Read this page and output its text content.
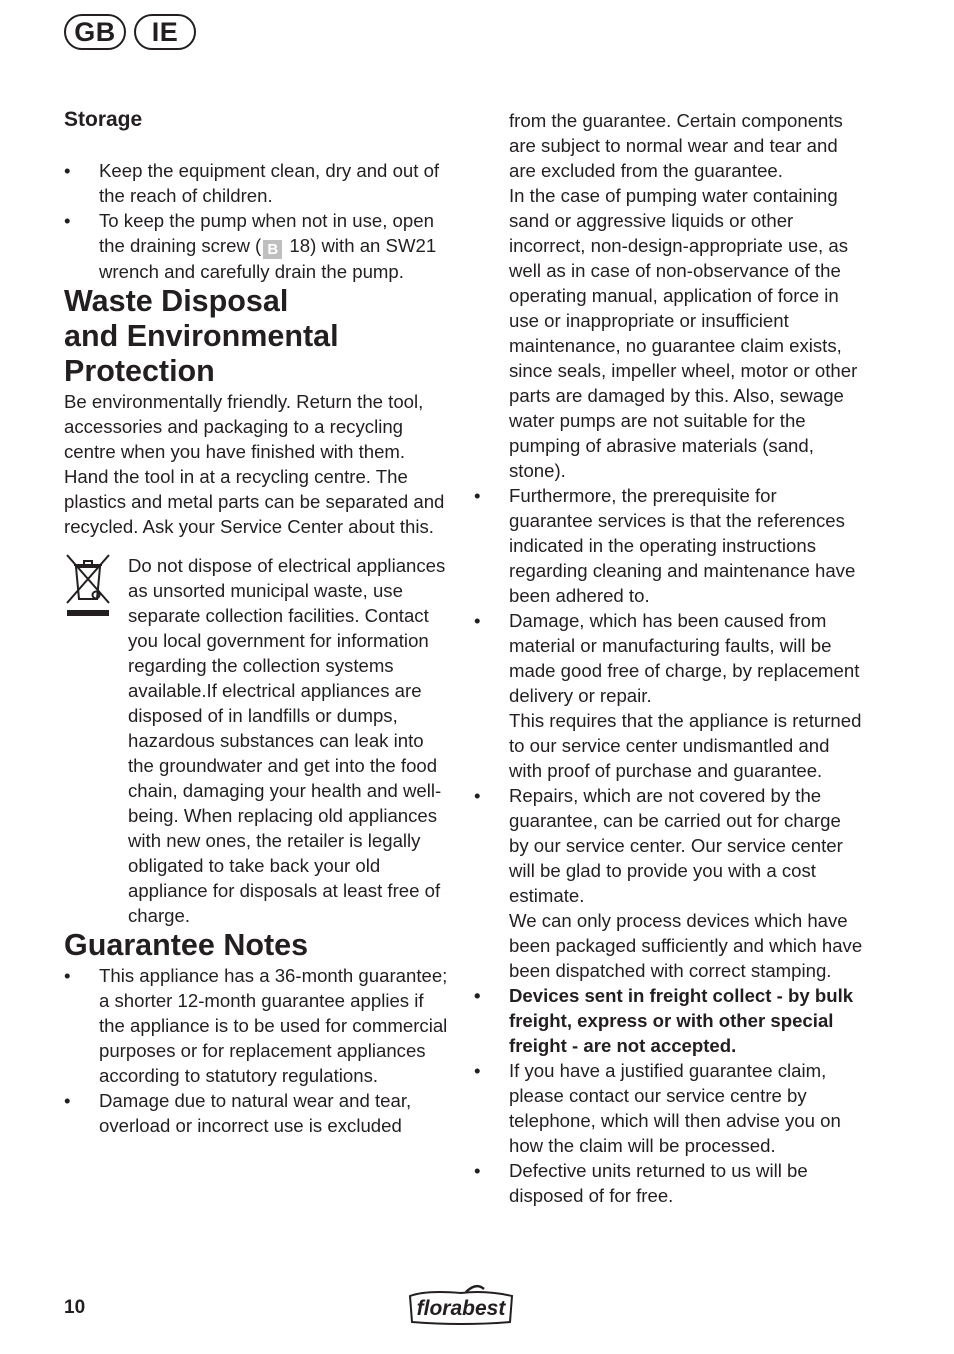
GB	IE
Storage
• Keep the equipment clean, dry and out of the reach of children.
• To keep the pump when not in use, open the draining screw ( B 18) with an SW21 wrench and carefully drain the pump.
Waste Disposal
and Environmental
Protection

Be environmentally friendly. Return the tool, accessories and packaging to a recycling centre when you have finished with them. Hand the tool in at a recycling centre. The plastics and metal parts can be separated and recycled. Ask your Service Center about this.

Do not dispose of electrical appliances as unsorted municipal waste, use separate collection facilities. Contact you local government for information regarding the collection systems available.If electrical appliances are disposed of in landfills or dumps, hazardous substances can leak into the groundwater and get into the food chain, damaging your health and well-being. When replacing old appliances with new ones, the retailer is legally obligated to take back your old appliance for disposals at least free of charge.

Guarantee Notes
• This appliance has a 36-month guarantee; a shorter 12-month guarantee applies if the appliance is to be used for commercial purposes or for replacement appliances according to statutory regulations.
• Damage due to natural wear and tear, overload or incorrect use is excluded
from the guarantee. Certain components are subject to normal wear and tear and are excluded from the guarantee.
In the case of pumping water containing sand or aggressive liquids or other incorrect, non-design-appropriate use, as well as in case of non-observance of the operating manual, application of force in use or inappropriate or insufficient maintenance, no guarantee claim exists, since seals, impeller wheel, motor or other parts are damaged by this. Also, sewage water pumps are not suitable for the pumping of abrasive materials (sand, stone).
• Furthermore, the prerequisite for guarantee services is that the references indicated in the operating instructions regarding cleaning and maintenance have been adhered to.
• Damage, which has been caused from material or manufacturing faults, will be made good free of charge, by replacement delivery or repair.
This requires that the appliance is returned to our service center undismantled and with proof of purchase and guarantee.
• Repairs, which are not covered by the guarantee, can be carried out for charge by our service center. Our service center will be glad to provide you with a cost estimate.
We can only process devices which have been packaged sufficiently and which have been dispatched with correct stamping.
• Devices sent in freight collect - by bulk freight, express or with other special freight - are not accepted.
• If you have a justified guarantee claim, please contact our service centre by telephone, which will then advise you on how the claim will be processed.
• Defective units returned to us will be disposed of for free.
10	florabest
